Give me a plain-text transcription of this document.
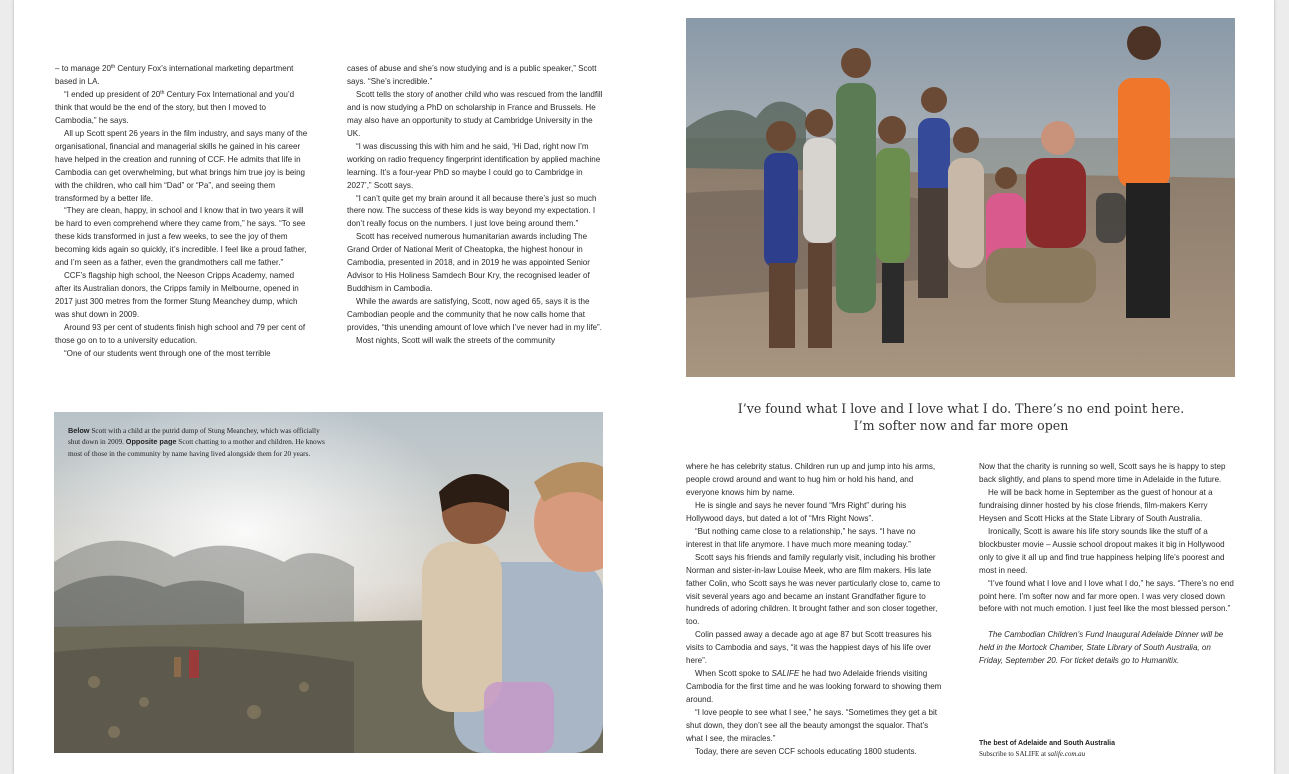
– to manage 20th Century Fox’s international marketing department based in LA.

“I ended up president of 20th Century Fox International and you’d think that would be the end of the story, but then I moved to Cambodia,” he says.

All up Scott spent 26 years in the film industry, and says many of the organisational, financial and managerial skills he gained in his career have helped in the creation and running of CCF. He admits that life in Cambodia can get overwhelming, but what brings him true joy is being with the children, who call him “Dad” or “Pa”, and seeing them transformed by a better life.

“They are clean, happy, in school and I know that in two years it will be hard to even comprehend where they came from,” he says. “To see these kids transformed in just a few weeks, to see the joy of them becoming kids again so quickly, it’s incredible. I feel like a proud father, and I’m seen as a father, even the grandmothers call me father.”

CCF’s flagship high school, the Neeson Cripps Academy, named after its Australian donors, the Cripps family in Melbourne, opened in 2017 just 300 metres from the former Stung Meanchey dump, which was shut down in 2009.

Around 93 per cent of students finish high school and 79 per cent of those go on to to a university education.

“One of our students went through one of the most terrible

cases of abuse and she’s now studying and is a public speaker,” Scott says. “She’s incredible.”

Scott tells the story of another child who was rescued from the landfill and is now studying a PhD on scholarship in France and Brussels. He may also have an opportunity to study at Cambridge University in the UK.

“I was discussing this with him and he said, ‘Hi Dad, right now I’m working on radio frequency fingerprint identification by applied machine learning. It’s a four-year PhD so maybe I could go to Cambridge in 2027’,” Scott says.

“I can’t quite get my brain around it all because there’s just so much there now. The success of these kids is way beyond my expectation. I don’t really focus on the numbers. I just love being around them.”

Scott has received numerous humanitarian awards including The Grand Order of National Merit of Cheatopka, the highest honour in Cambodia, presented in 2018, and in 2019 he was appointed Senior Advisor to His Holiness Samdech Bour Kry, the recognised leader of Buddhism in Cambodia.

While the awards are satisfying, Scott, now aged 65, says it is the Cambodian people and the community that he now calls home that provides, “this unending amount of love which I’ve never had in my life”.

Most nights, Scott will walk the streets of the community

I’ve found what I love and I love what I do. There’s no end point here.
I’m softer now and far more open
Below Scott with a child at the putrid dump of Stung Meanchey, which was officially shut down in 2009. Opposite page Scott chatting to a mother and children. He knows most of those in the community by name having lived alongside them for 20 years.

where he has celebrity status. Children run up and jump into his arms, people crowd around and want to hug him or hold his hand, and everyone knows him by name.

He is single and says he never found “Mrs Right” during his Hollywood days, but dated a lot of “Mrs Right Nows”.

“But nothing came close to a relationship,” he says. “I have no interest in that life anymore. I have much more meaning today.”

Scott says his friends and family regularly visit, including his brother Norman and sister-in-law Louise Meek, who are film makers. His late father Colin, who Scott says he was never particularly close to, came to visit several years ago and became an instant Grandfather figure to hundreds of adoring children. It brought father and son closer together, too.

Colin passed away a decade ago at age 87 but Scott treasures his visits to Cambodia and says, “it was the happiest days of his life over here”.

When Scott spoke to SALIFE he had two Adelaide friends visiting Cambodia for the first time and he was looking forward to showing them around.

“I love people to see what I see,” he says. “Sometimes they get a bit shut down, they don’t see all the beauty amongst the squalor. That’s what I see, the miracles.”

Today, there are seven CCF schools educating 1800 students.

Now that the charity is running so well, Scott says he is happy to step back slightly, and plans to spend more time in Adelaide in the future.

He will be back home in September as the guest of honour at a fundraising dinner hosted by his close friends, film-makers Kerry Heysen and Scott Hicks at the State Library of South Australia.

Ironically, Scott is aware his life story sounds like the stuff of a blockbuster movie – Aussie school dropout makes it big in Hollywood only to give it all up and find true happiness helping life’s poorest and most in need.

“I’ve found what I love and I love what I do,” he says. “There’s no end point here. I’m softer now and far more open. I was very closed down before with not much emotion. I just feel like the most blessed person.”

The Cambodian Children’s Fund Inaugural Adelaide Dinner will be held in the Mortock Chamber, State Library of South Australia, on Friday, September 20. For ticket details go to Humanitix.

The best of Adelaide and South Australia
Subscribe to SALIFE at salife.com.au
